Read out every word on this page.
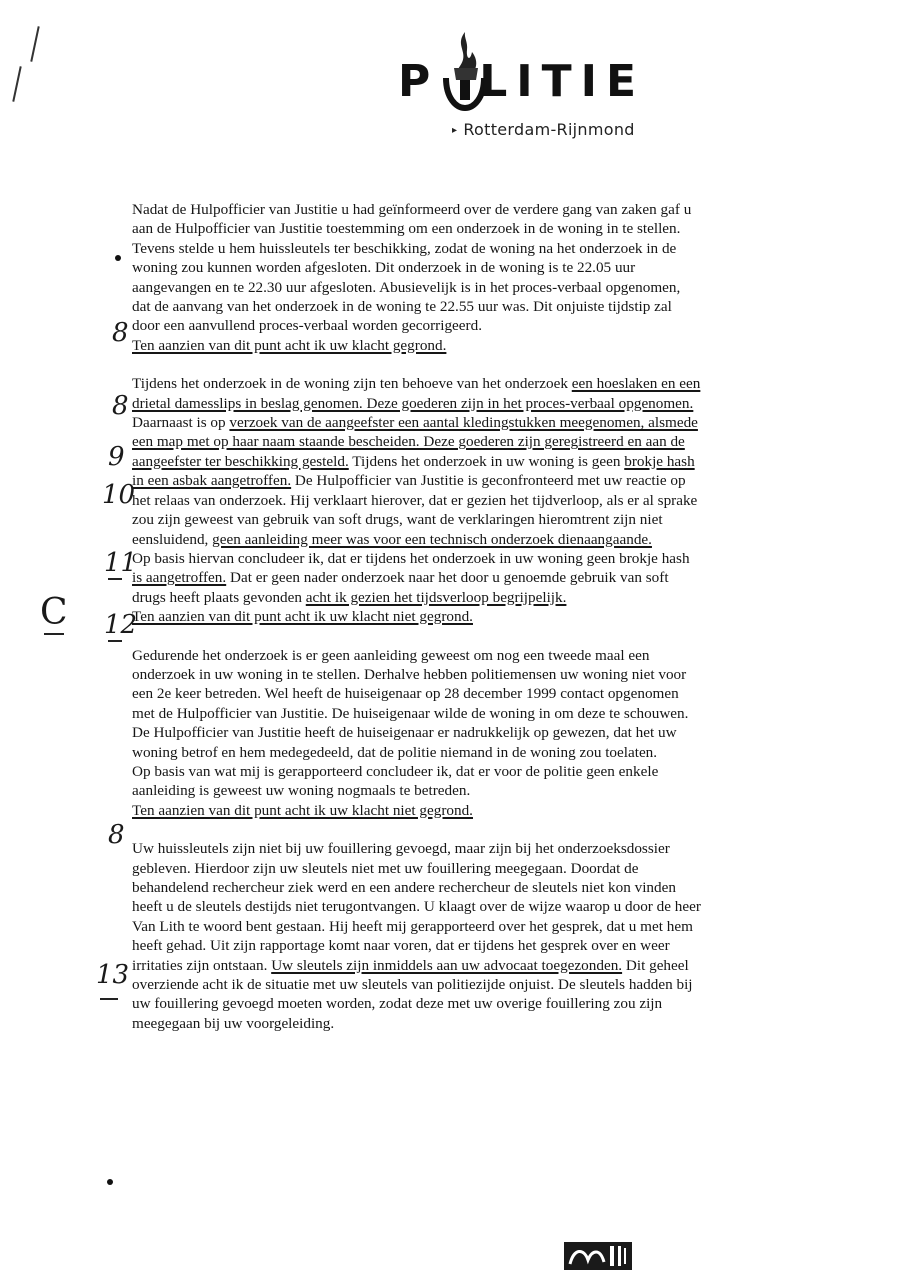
P LITIE
▸ Rotterdam-Rijnmond
8
8
9
10
11
C 12
8
13

Nadat de Hulpofficier van Justitie u had geïnformeerd over de verdere gang van zaken gaf u

aan de Hulpofficier van Justitie toestemming om een onderzoek in de woning in te stellen.

Tevens stelde u hem huissleutels ter beschikking, zodat de woning na het onderzoek in de

woning zou kunnen worden afgesloten. Dit onderzoek in de woning is te 22.05 uur

aangevangen en te 22.30 uur afgesloten. Abusievelijk is in het proces-verbaal opgenomen,

dat de aanvang van het onderzoek in de woning te 22.55 uur was. Dit onjuiste tijdstip zal

door een aanvullend proces-verbaal worden gecorrigeerd.

Ten aanzien van dit punt acht ik uw klacht gegrond.

Tijdens het onderzoek in de woning zijn ten behoeve van het onderzoek een hoeslaken en een

drietal damesslips in beslag genomen. Deze goederen zijn in het proces-verbaal opgenomen.

Daarnaast is op verzoek van de aangeefster een aantal kledingstukken meegenomen, alsmede

een map met op haar naam staande bescheiden. Deze goederen zijn geregistreerd en aan de

aangeefster ter beschikking gesteld. Tijdens het onderzoek in uw woning is geen brokje hash

in een asbak aangetroffen. De Hulpofficier van Justitie is geconfronteerd met uw reactie op

het relaas van onderzoek. Hij verklaart hierover, dat er gezien het tijdverloop, als er al sprake

zou zijn geweest van gebruik van soft drugs, want de verklaringen hieromtrent zijn niet

eensluidend, geen aanleiding meer was voor een technisch onderzoek dienaangaande.

Op basis hiervan concludeer ik, dat er tijdens het onderzoek in uw woning geen brokje hash

is aangetroffen. Dat er geen nader onderzoek naar het door u genoemde gebruik van soft

drugs heeft plaats gevonden acht ik gezien het tijdsverloop begrijpelijk.

Ten aanzien van dit punt acht ik uw klacht niet gegrond.

Gedurende het onderzoek is er geen aanleiding geweest om nog een tweede maal een

onderzoek in uw woning in te stellen. Derhalve hebben politiemensen uw woning niet voor

een 2e keer betreden. Wel heeft de huiseigenaar op 28 december 1999 contact opgenomen

met de Hulpofficier van Justitie. De huiseigenaar wilde de woning in om deze te schouwen.

De Hulpofficier van Justitie heeft de huiseigenaar er nadrukkelijk op gewezen, dat het uw

woning betrof en hem medegedeeld, dat de politie niemand in de woning zou toelaten.

Op basis van wat mij is gerapporteerd concludeer ik, dat er voor de politie geen enkele

aanleiding is geweest uw woning nogmaals te betreden.

Ten aanzien van dit punt acht ik uw klacht niet gegrond.

Uw huissleutels zijn niet bij uw fouillering gevoegd, maar zijn bij het onderzoeksdossier

gebleven. Hierdoor zijn uw sleutels niet met uw fouillering meegegaan. Doordat de

behandelend rechercheur ziek werd en een andere rechercheur de sleutels niet kon vinden

heeft u de sleutels destijds niet terugontvangen. U klaagt over de wijze waarop u door de heer

Van Lith te woord bent gestaan. Hij heeft mij gerapporteerd over het gesprek, dat u met hem

heeft gehad. Uit zijn rapportage komt naar voren, dat er tijdens het gesprek over en weer

irritaties zijn ontstaan. Uw sleutels zijn inmiddels aan uw advocaat toegezonden. Dit geheel

overziende acht ik de situatie met uw sleutels van politiezijde onjuist. De sleutels hadden bij

uw fouillering gevoegd moeten worden, zodat deze met uw overige fouillering zou zijn

meegegaan bij uw voorgeleiding.
